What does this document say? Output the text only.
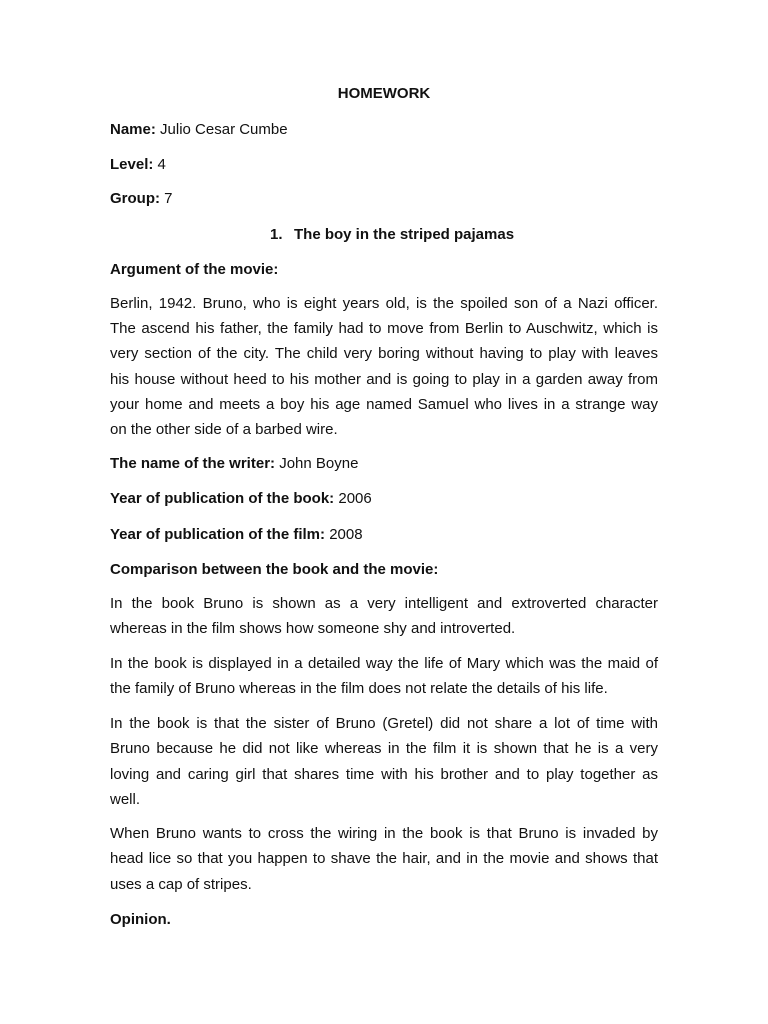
HOMEWORK

Name: Julio Cesar Cumbe

Level: 4

Group: 7

1. The boy in the striped pajamas

Argument of the movie:

Berlin, 1942. Bruno, who is eight years old, is the spoiled son of a Nazi officer.

The ascend his father, the family had to move from Berlin to Auschwitz, which is

very section of the city. The child very boring without having to play with leaves

his house without heed to his mother and is going to play in a garden away from

your home and meets a boy his age named Samuel who lives in a strange way

on the other side of a barbed wire.

The name of the writer: John Boyne

Year of publication of the book: 2006

Year of publication of the film: 2008

Comparison between the book and the movie:

In the book Bruno is shown as a very intelligent and extroverted character

whereas in the film shows how someone shy and introverted.

In the book is displayed in a detailed way the life of Mary which was the maid of

the family of Bruno whereas in the film does not relate the details of his life.

In the book is that the sister of Bruno (Gretel) did not share a lot of time with

Bruno because he did not like whereas in the film it is shown that he is a very

loving and caring girl that shares time with his brother and to play together as

well.

When Bruno wants to cross the wiring in the book is that Bruno is invaded by

head lice so that you happen to shave the hair, and in the movie and shows that

uses a cap of stripes.

Opinion.
